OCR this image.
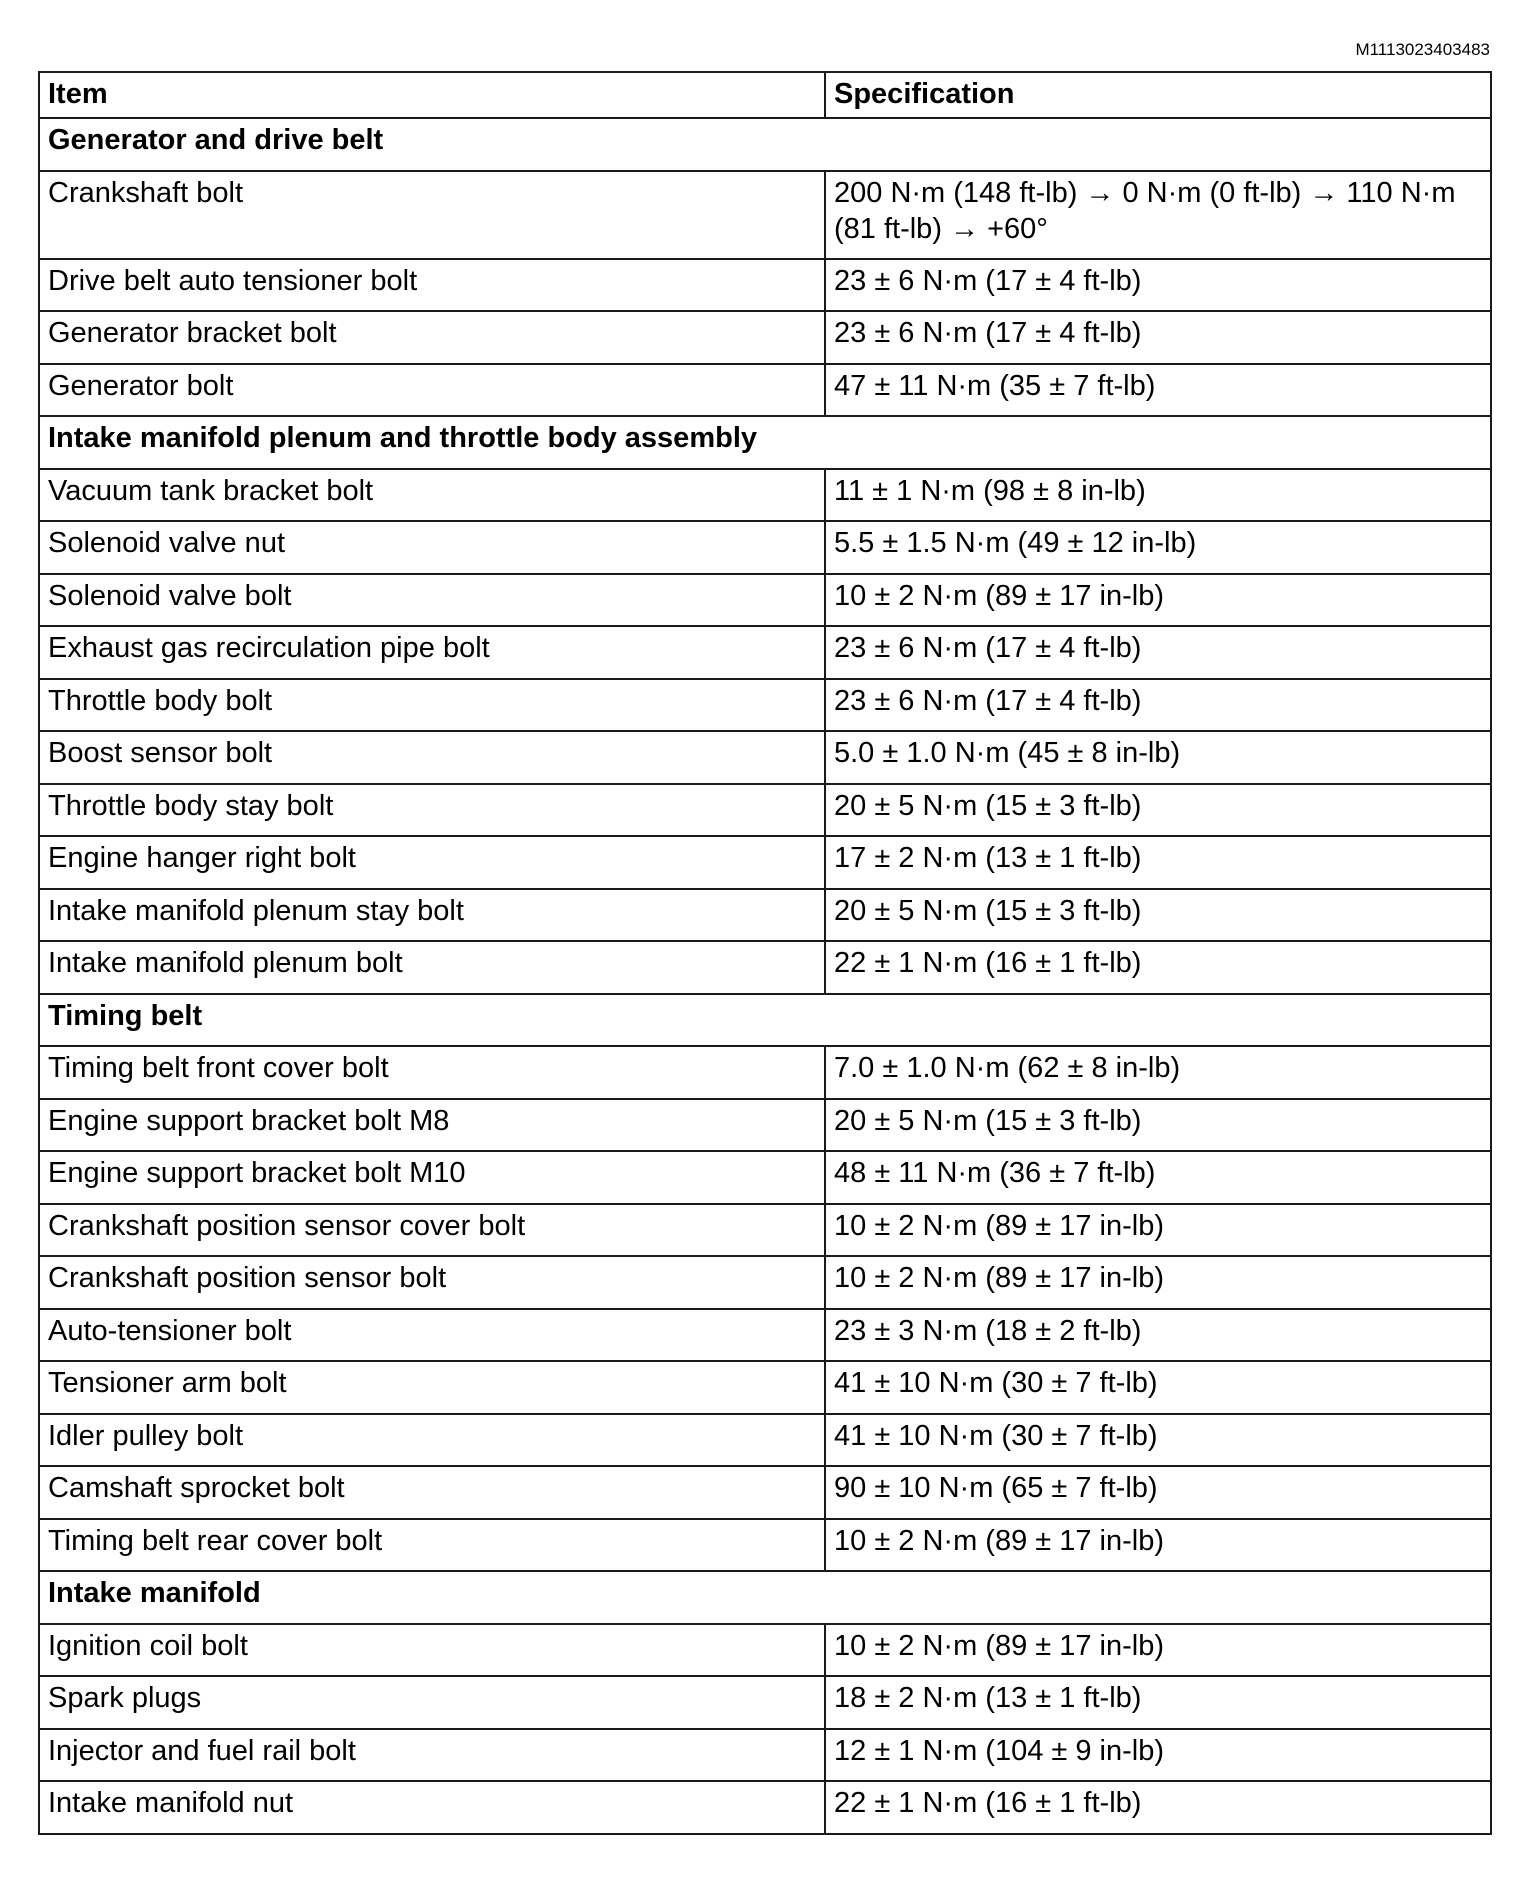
M1113023403483
Item	Specification
Generator and drive belt	
Crankshaft bolt	200 N·m (148 ft-lb) → 0 N·m (0 ft-lb) → 110 N·m (81 ft-lb) → +60°
Drive belt auto tensioner bolt	23 ± 6 N·m (17 ± 4 ft-lb)
Generator bracket bolt	23 ± 6 N·m (17 ± 4 ft-lb)
Generator bolt	47 ± 11 N·m (35 ± 7 ft-lb)
Intake manifold plenum and throttle body assembly	
Vacuum tank bracket bolt	11 ± 1 N·m (98 ± 8 in-lb)
Solenoid valve nut	5.5 ± 1.5 N·m (49 ± 12 in-lb)
Solenoid valve bolt	10 ± 2 N·m (89 ± 17 in-lb)
Exhaust gas recirculation pipe bolt	23 ± 6 N·m (17 ± 4 ft-lb)
Throttle body bolt	23 ± 6 N·m (17 ± 4 ft-lb)
Boost sensor bolt	5.0 ± 1.0 N·m (45 ± 8 in-lb)
Throttle body stay bolt	20 ± 5 N·m (15 ± 3 ft-lb)
Engine hanger right bolt	17 ± 2 N·m (13 ± 1 ft-lb)
Intake manifold plenum stay bolt	20 ± 5 N·m (15 ± 3 ft-lb)
Intake manifold plenum bolt	22 ± 1 N·m (16 ± 1 ft-lb)
Timing belt	
Timing belt front cover bolt	7.0 ± 1.0 N·m (62 ± 8 in-lb)
Engine support bracket bolt M8	20 ± 5 N·m (15 ± 3 ft-lb)
Engine support bracket bolt M10	48 ± 11 N·m (36 ± 7 ft-lb)
Crankshaft position sensor cover bolt	10 ± 2 N·m (89 ± 17 in-lb)
Crankshaft position sensor bolt	10 ± 2 N·m (89 ± 17 in-lb)
Auto-tensioner bolt	23 ± 3 N·m (18 ± 2 ft-lb)
Tensioner arm bolt	41 ± 10 N·m (30 ± 7 ft-lb)
Idler pulley bolt	41 ± 10 N·m (30 ± 7 ft-lb)
Camshaft sprocket bolt	90 ± 10 N·m (65 ± 7 ft-lb)
Timing belt rear cover bolt	10 ± 2 N·m (89 ± 17 in-lb)
Intake manifold	
Ignition coil bolt	10 ± 2 N·m (89 ± 17 in-lb)
Spark plugs	18 ± 2 N·m (13 ± 1 ft-lb)
Injector and fuel rail bolt	12 ± 1 N·m (104 ± 9 in-lb)
Intake manifold nut	22 ± 1 N·m (16 ± 1 ft-lb)
